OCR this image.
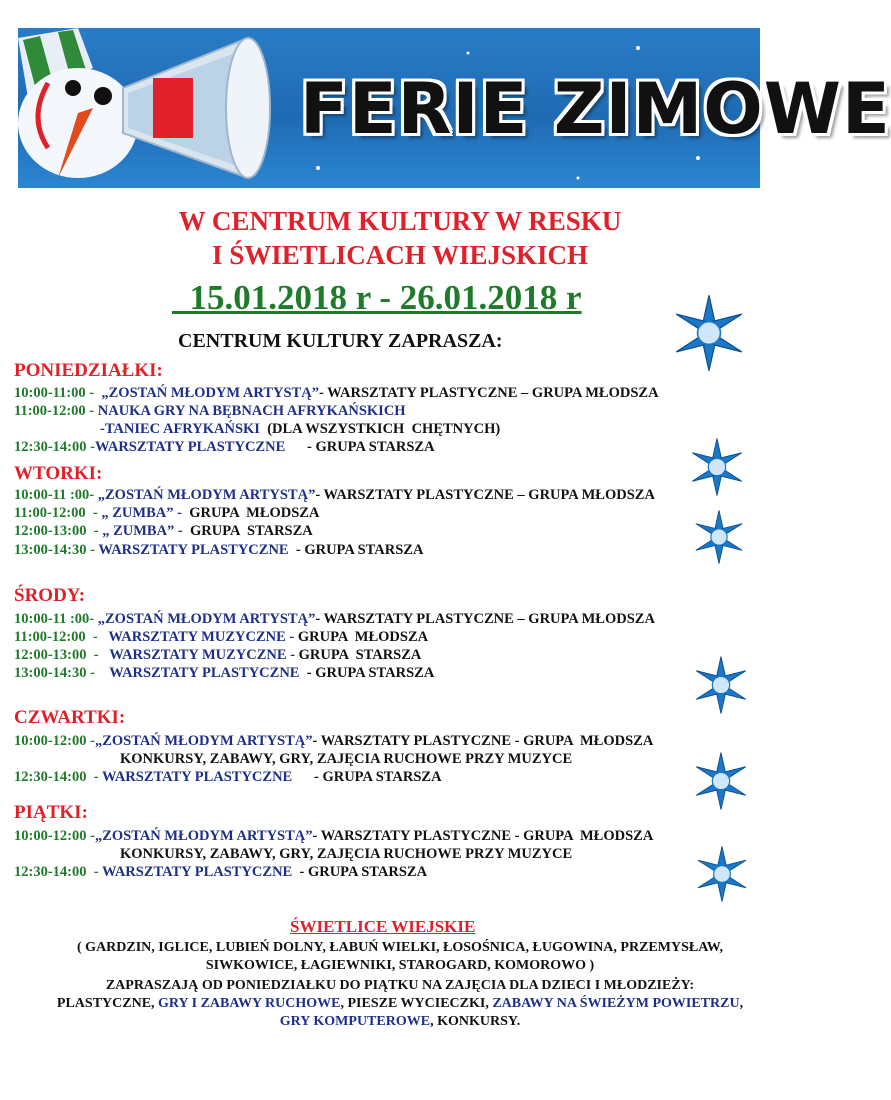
FERIE ZIMOWE
W CENTRUM KULTURY W RESKU
I ŚWIETLICACH WIEJSKICH
15.01.2018 r - 26.01.2018 r
CENTRUM KULTURY ZAPRASZA:
PONIEDZIAŁKI:
10:00-11:00 -  „ZOSTAŃ MŁODYM ARTYSTĄ”- WARSZTATY PLASTYCZNE – GRUPA MŁODSZA
11:00-12:00 - NAUKA GRY NA BĘBNACH AFRYKAŃSKICH
-TANIEC AFRYKAŃSKI  (DLA WSZYSTKICH  CHĘTNYCH)
12:30-14:00 -WARSZTATY PLASTYCZNE      - GRUPA STARSZA
WTORKI:
10:00-11 :00- „ZOSTAŃ MŁODYM ARTYSTĄ”- WARSZTATY PLASTYCZNE – GRUPA MŁODSZA
11:00-12:00  - „ ZUMBA” -  GRUPA  MŁODSZA
12:00-13:00  - „ ZUMBA” -  GRUPA  STARSZA
13:00-14:30 - WARSZTATY PLASTYCZNE  - GRUPA STARSZA
ŚRODY:
10:00-11 :00- „ZOSTAŃ MŁODYM ARTYSTĄ”- WARSZTATY PLASTYCZNE – GRUPA MŁODSZA
11:00-12:00  -   WARSZTATY MUZYCZNE - GRUPA  MŁODSZA
12:00-13:00  -   WARSZTATY MUZYCZNE - GRUPA  STARSZA
13:00-14:30 -    WARSZTATY PLASTYCZNE  - GRUPA STARSZA
CZWARTKI:
10:00-12:00 -„ZOSTAŃ MŁODYM ARTYSTĄ”- WARSZTATY PLASTYCZNE - GRUPA  MŁODSZA
KONKURSY, ZABAWY, GRY, ZAJĘCIA RUCHOWE PRZY MUZYCE
12:30-14:00  - WARSZTATY PLASTYCZNE      - GRUPA STARSZA
PIĄTKI:
10:00-12:00 -„ZOSTAŃ MŁODYM ARTYSTĄ”- WARSZTATY PLASTYCZNE - GRUPA  MŁODSZA
KONKURSY, ZABAWY, GRY, ZAJĘCIA RUCHOWE PRZY MUZYCE
12:30-14:00  - WARSZTATY PLASTYCZNE  - GRUPA STARSZA
ŚWIETLICE WIEJSKIE
( GARDZIN, IGLICE, LUBIEŃ DOLNY, ŁABUŃ WIELKI, ŁOSOŚNICA, ŁUGOWINA, PRZEMYSŁAW,
SIWKOWICE, ŁAGIEWNIKI, STAROGARD, KOMOROWO )
ZAPRASZAJĄ OD PONIEDZIAŁKU DO PIĄTKU NA ZAJĘCIA DLA DZIECI I MŁODZIEŻY:
PLASTYCZNE, GRY I ZABAWY RUCHOWE, PIESZE WYCIECZKI, ZABAWY NA ŚWIEŻYM POWIETRZU,
GRY KOMPUTEROWE, KONKURSY.
